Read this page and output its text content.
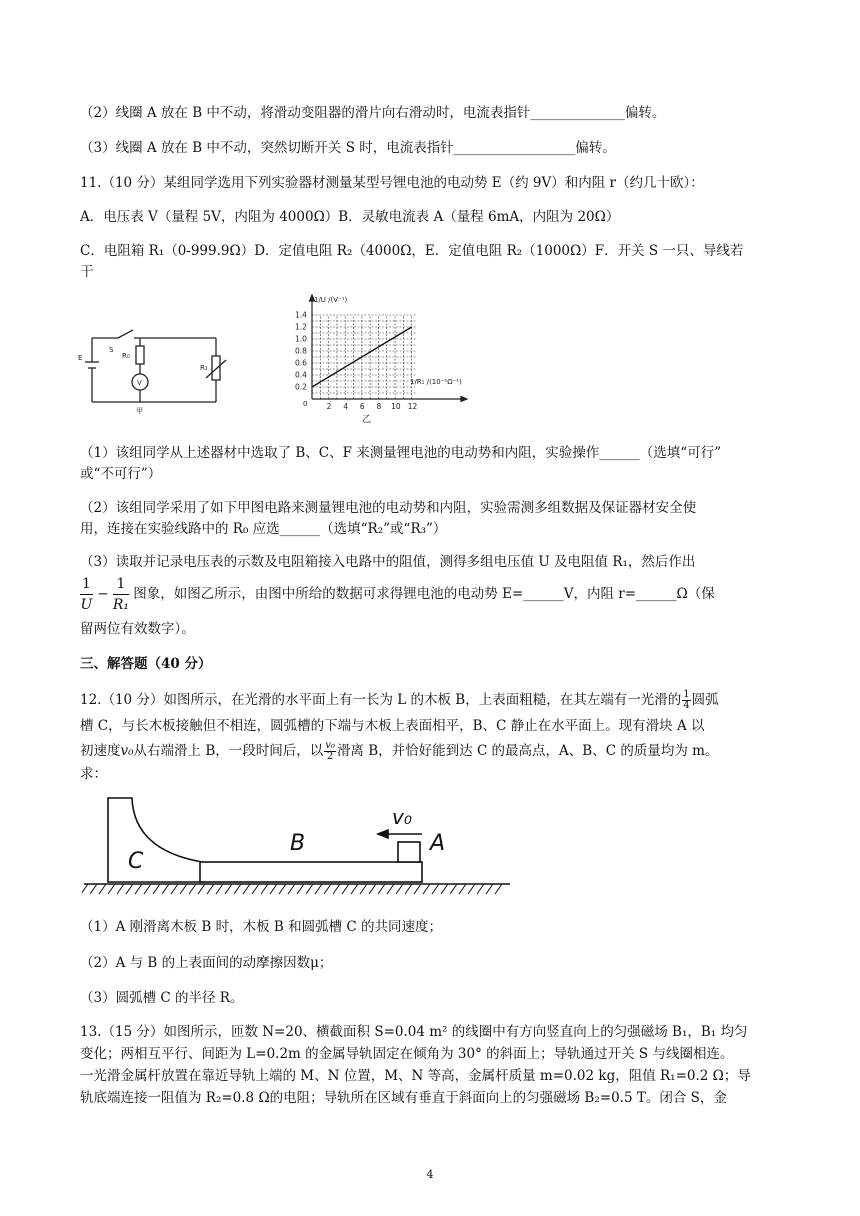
（2）线圈 A 放在 B 中不动，将滑动变阻器的滑片向右滑动时，电流表指针______________偏转。
（3）线圈 A 放在 B 中不动，突然切断开关 S 时，电流表指针__________________偏转。
11.（10 分）某组同学选用下列实验器材测量某型号锂电池的电动势 E（约 9V）和内阻 r（约几十欧）：
A．电压表 V（量程 5V，内阻为 4000Ω）B．灵敏电流表 A（量程 6mA，内阻为 20Ω）
C．电阻箱 R₁（0-999.9Ω）D．定值电阻 R₂（4000Ω，E．定值电阻 R₂（1000Ω）F．开关 S 一只、导线若
干
S
E	R₀
V
R₁
甲
0.2
0.4
0.6
0.8
1.0
1.2
1.4
2 4 6 8 10 12
1/U /(V⁻¹)
1/R₁ /(10⁻²Ω⁻¹)
0
乙
（1）该组同学从上述器材中选取了 B、C、F 来测量锂电池的电动势和内阻，实验操作______（选填“可行”
或“不可行”）
（2）该组同学采用了如下甲图电路来测量锂电池的电动势和内阻，实验需测多组数据及保证器材安全使
用，连接在实验线路中的 R₀ 应选______（选填“R₂”或“R₃”）
（3）读取并记录电压表的示数及电阻箱接入电路中的阻值，测得多组电压值 U 及电阻值 R₁，然后作出
$\frac{1}{U} - \frac{1}{\text{R₁}}$ 图象，如图乙所示，由图中所给的数据可求得锂电池的电动势 E=______V，内阻 r=______Ω（保
留两位有效数字）。
三、解答题（40 分）
12.（10 分）如图所示，在光滑的水平面上有一长为 L 的木板 B，上表面粗糙，在其左端有一光滑的 $\frac{1}{4}$ 圆弧
槽 C，与长木板接触但不相连，圆弧槽的下端与木板上表面相平，B、C 静止在水平面上。现有滑块 A 以
初速度v₀从右端滑上 B，一段时间后，以 $\frac{\text{v₀}}{2}$ 滑离 B，并恰好能到达 C 的最高点，A、B、C 的质量均为 m。
求：
C
B	A
v₀
（1）A 刚滑离木板 B 时，木板 B 和圆弧槽 C 的共同速度；
（2）A 与 B 的上表面间的动摩擦因数μ；
（3）圆弧槽 C 的半径 R。
13.（15 分）如图所示，匝数 N=20、横截面积 S=0.04 m² 的线圈中有方向竖直向上的匀强磁场 B₁，B₁ 均匀
变化；两相互平行、间距为 L=0.2m 的金属导轨固定在倾角为 30° 的斜面上；导轨通过开关 S 与线圈相连。
一光滑金属杆放置在靠近导轨上端的 M、N 位置，M、N 等高，金属杆质量 m=0.02 kg，阻值 R₁=0.2 Ω；导
轨底端连接一阻值为 R₂=0.8 Ω的电阻；导轨所在区域有垂直于斜面向上的匀强磁场 B₂=0.5 T。闭合 S，金
4
